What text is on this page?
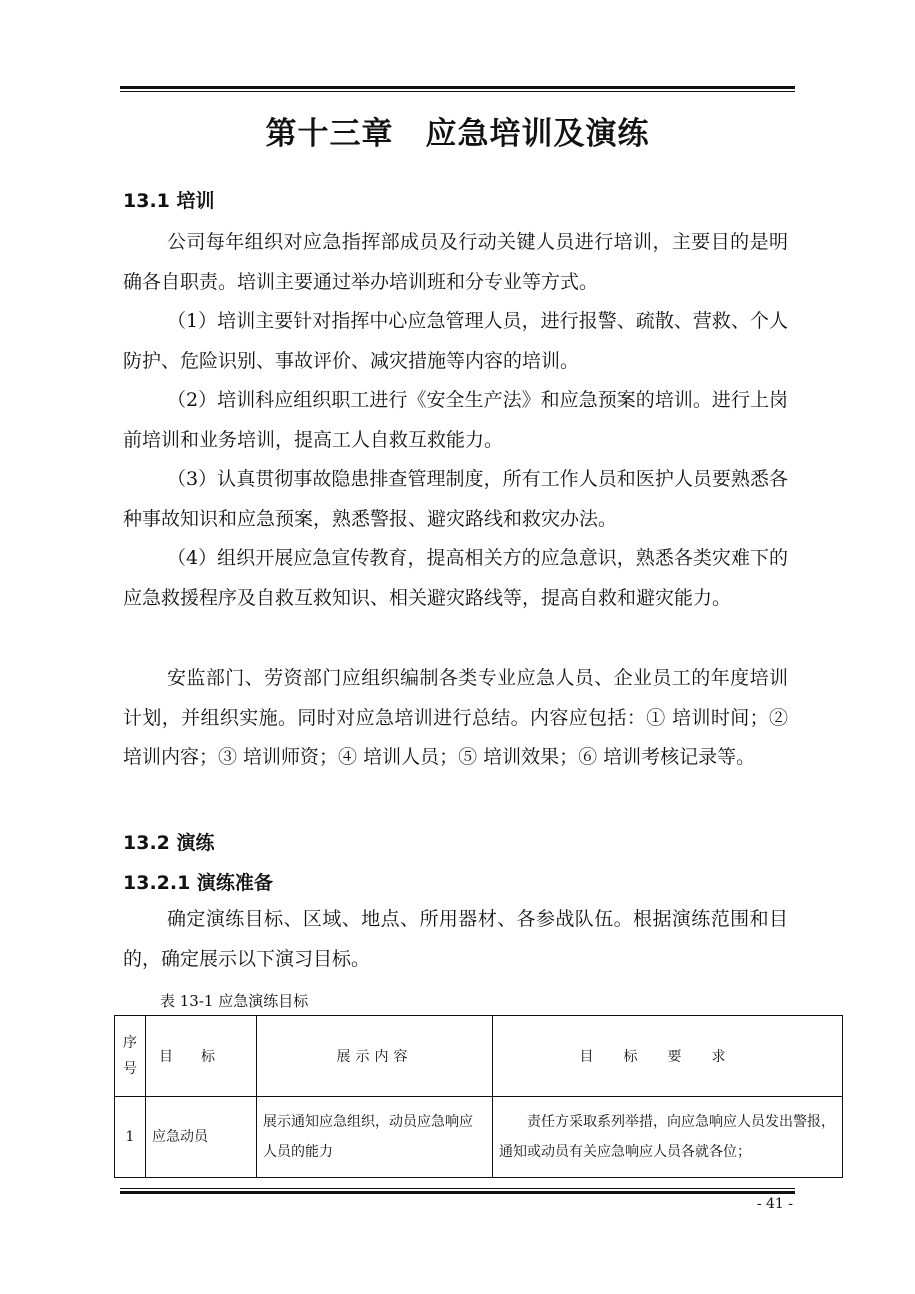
第十三章　应急培训及演练
13.1 培训
公司每年组织对应急指挥部成员及行动关键人员进行培训，主要目的是明确各自职责。培训主要通过举办培训班和分专业等方式。
（1）培训主要针对指挥中心应急管理人员，进行报警、疏散、营救、个人防护、危险识别、事故评价、减灾措施等内容的培训。
（2）培训科应组织职工进行《安全生产法》和应急预案的培训。进行上岗前培训和业务培训，提高工人自救互救能力。
（3）认真贯彻事故隐患排查管理制度，所有工作人员和医护人员要熟悉各种事故知识和应急预案，熟悉警报、避灾路线和救灾办法。
（4）组织开展应急宣传教育，提高相关方的应急意识，熟悉各类灾难下的应急救援程序及自救互救知识、相关避灾路线等，提高自救和避灾能力。
安监部门、劳资部门应组织编制各类专业应急人员、企业员工的年度培训计划，并组织实施。同时对应急培训进行总结。内容应包括：① 培训时间；② 培训内容；③ 培训师资；④ 培训人员；⑤ 培训效果；⑥ 培训考核记录等。
13.2 演练
13.2.1 演练准备
确定演练目标、区域、地点、所用器材、各参战队伍。根据演练范围和目的，确定展示以下演习目标。
表 13-1 应急演练目标
序
号	目标	展示内容	目标要求
1	应急动员	展示通知应急组织，动员应急响应人员的能力	责任方采取系列举措，向应急响应人员发出警报，通知或动员有关应急响应人员各就各位；
- 41 -
